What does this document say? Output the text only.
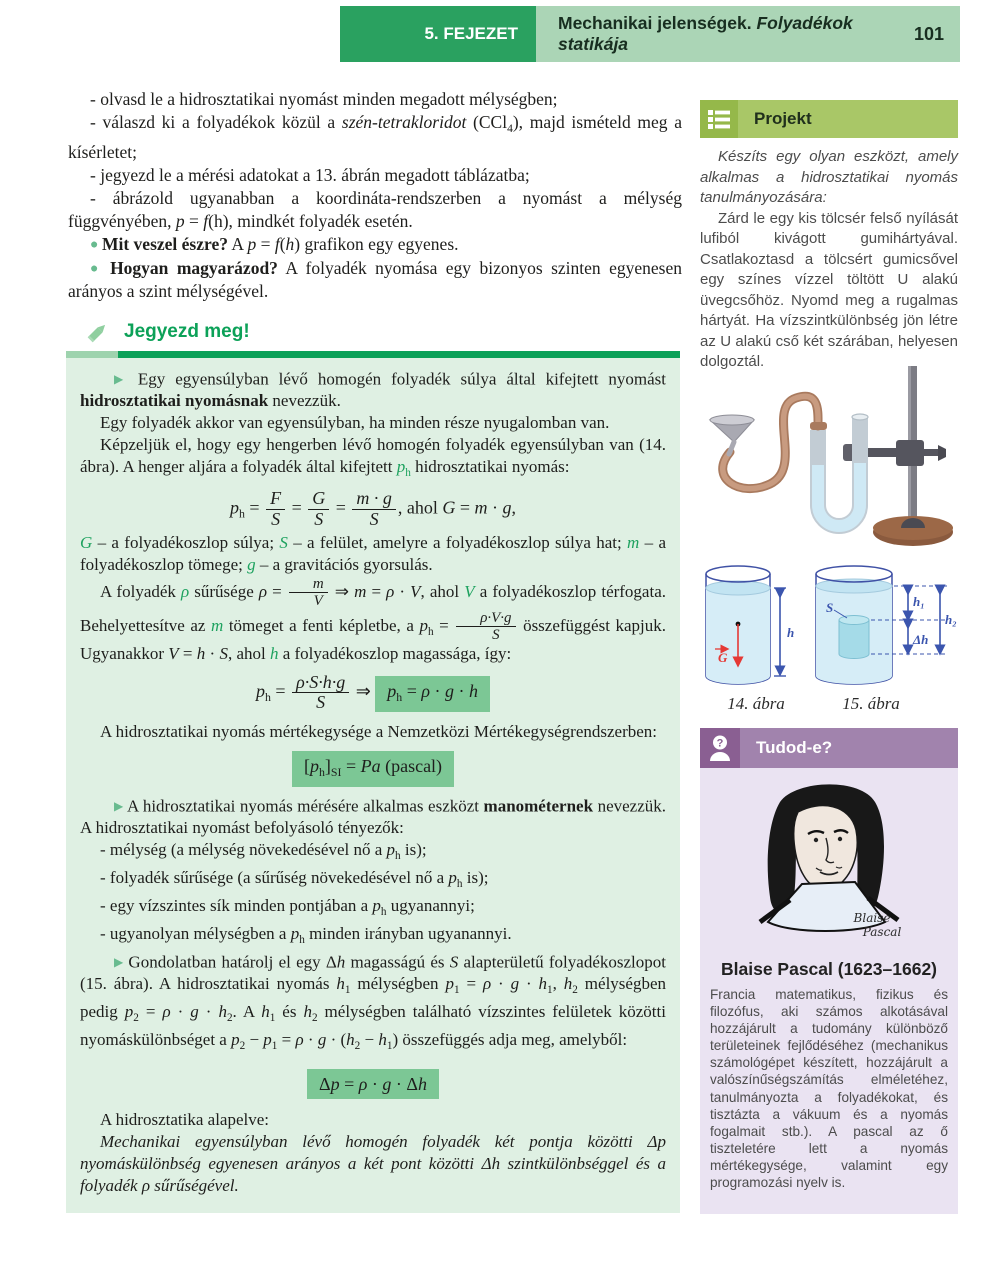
5. FEJEZET
Mechanikai jelenségek. Folyadékok statikája
101

- olvasd le a hidrosztatikai nyomást minden megadott mélységben;

- válaszd ki a folyadékok közül a szén-tetrakloridot (CCl$_4$), majd ismételd meg a kísérletet;

- jegyezd le a mérési adatokat a 13. ábrán megadott táblázatba;

- ábrázold ugyanabban a koordináta-rendszerben a nyomást a mélység függvényében, p = f(h), mindkét folyadék esetén.

● Mit veszel észre? A p = f(h) grafikon egy egyenes.

● Hogyan magyarázod? A folyadék nyomása egy bizonyos szinten egyenesen arányos a szint mélységével.

Jegyezd meg!

▶ Egy egyensúlyban lévő homogén folyadék súlya által kifejtett nyomást hidrosztatikai nyomásnak nevezzük.

Egy folyadék akkor van egyensúlyban, ha minden része nyugalomban van.

Képzeljük el, hogy egy hengerben lévő homogén folyadék egyensúlyban van (14. ábra). A henger aljára a folyadék által kifejtett $p_h$ hidrosztatikai nyomás:

$p_h = \frac{F}{S} = \frac{G}{S} = \frac{m \cdot g}{S}$ , ahol G = m · g,

G – a folyadékoszlop súlya; S – a felület, amelyre a folyadékoszlop súlya hat; m – a folyadékoszlop tömege; g – a gravitációs gyorsulás.

A folyadék ρ sűrűsége $\rho = \frac{m}{V}$ ⇒ m = ρ · V, ahol V a folyadékoszlop térfogata. Behelyettesítve az m tömeget a fenti képletbe, a $p_h = \frac{\rho\cdot V\cdot g}{S}$ összefüggést kapjuk. Ugyanakkor V = h · S, ahol h a folyadékoszlop magassága, így:

$p_h = \frac{\rho\cdot S\cdot h\cdot g}{S}$ ⇒ $p_h = \rho \cdot g \cdot h$

A hidrosztatikai nyomás mértékegysége a Nemzetközi Mértékegységrendszerben:

$[p_h]_{SI} = Pa$ (pascal)

▶ A hidrosztatikai nyomás mérésére alkalmas eszközt manométernek nevezzük. A hidrosztatikai nyomást befolyásoló tényezők:

- mélység (a mélység növekedésével nő a $p_h$ is);

- folyadék sűrűsége (a sűrűség növekedésével nő a $p_h$ is);

- egy vízszintes sík minden pontjában a $p_h$ ugyanannyi;

- ugyanolyan mélységben a $p_h$ minden irányban ugyanannyi.

▶ Gondolatban határolj el egy Δh magasságú és S alapterületű folyadékoszlopot (15. ábra). A hidrosztatikai nyomás $h_1$ mélységben $p_1 = \rho \cdot g \cdot h_1$, $h_2$ mélységben pedig $p_2 = \rho \cdot g \cdot h_2$. A $h_1$ és $h_2$ mélységben található vízszintes felületek közötti nyomáskülönbséget a $p_2 - p_1 = \rho \cdot g \cdot (h_2 - h_1)$ összefüggés adja meg, amelyből:

Δp = ρ · g · Δh

A hidrosztatika alapelve:

Mechanikai egyensúlyban lévő homogén folyadék két pontja közötti Δp nyomáskülönbség egyenesen arányos a két pont közötti Δh szintkülönbséggel és a folyadék ρ sűrűségével.

Projekt

Készíts egy olyan eszközt, amely alkalmas a hidrosztatikai nyomás tanulmányozására:

Zárd le egy kis tölcsér felső nyílását lufiból kivágott gumihártyával. Csatlakoztasd a tölcsért gumicsővel egy színes vízzel töltött U alakú üvegcsőhöz. Nyomd meg a rugalmas hártyát. Ha vízszintkülönbség jön létre az U alakú cső két szárában, helyesen dolgoztál.

G
h
S	h₁
Δh
h₂
14. ábra	15. ábra
?	Tudod-e?
Blaise
Pascal
Blaise Pascal (1623–1662)

Francia matematikus, fizikus és filozófus, aki számos alkotásával hozzájárult a tudomány különböző területeinek fejlődéséhez (mechanikus számológépet készített, hozzájárult a valószínűségszámítás elméletéhez, tanulmányozta a folyadékokat, és tisztázta a vákuum és a nyomás fogalmait stb.). A pascal az ő tiszteletére lett a nyomás mértékegysége, valamint egy programozási nyelv is.
